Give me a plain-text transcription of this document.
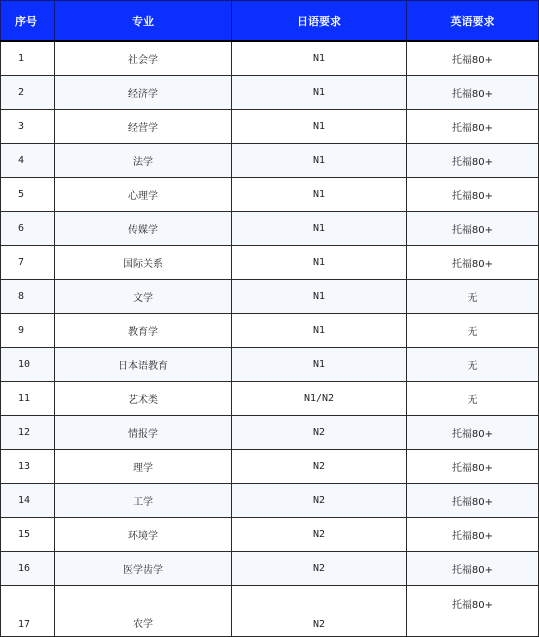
序号	专业	日语要求	英语要求
1	社会学	N1	托福80+
2	经济学	N1	托福80+
3	经营学	N1	托福80+
4	法学	N1	托福80+
5	心理学	N1	托福80+
6	传媒学	N1	托福80+
7	国际关系	N1	托福80+
8	文学	N1	无
9	教育学	N1	无
10	日本语教育	N1	无
11	艺术类	N1/N2	无
12	情报学	N2	托福80+
13	理学	N2	托福80+
14	工学	N2	托福80+
15	环境学	N2	托福80+
16	医学齿学	N2	托福80+
17	农学	N2	托福80+
